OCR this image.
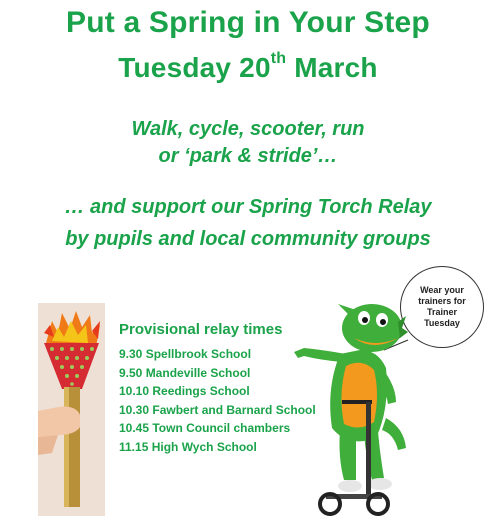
Put a Spring in Your Step
Tuesday 20th March
Walk, cycle, scooter, run
or ‘park & stride’…
… and support our Spring Torch Relay
by pupils and local community groups
Wear your trainers for Trainer Tuesday
Provisional relay times
9.30 Spellbrook School
9.50 Mandeville School
10.10 Reedings School
10.30 Fawbert and Barnard School
10.45 Town Council chambers
11.15 High Wych School
